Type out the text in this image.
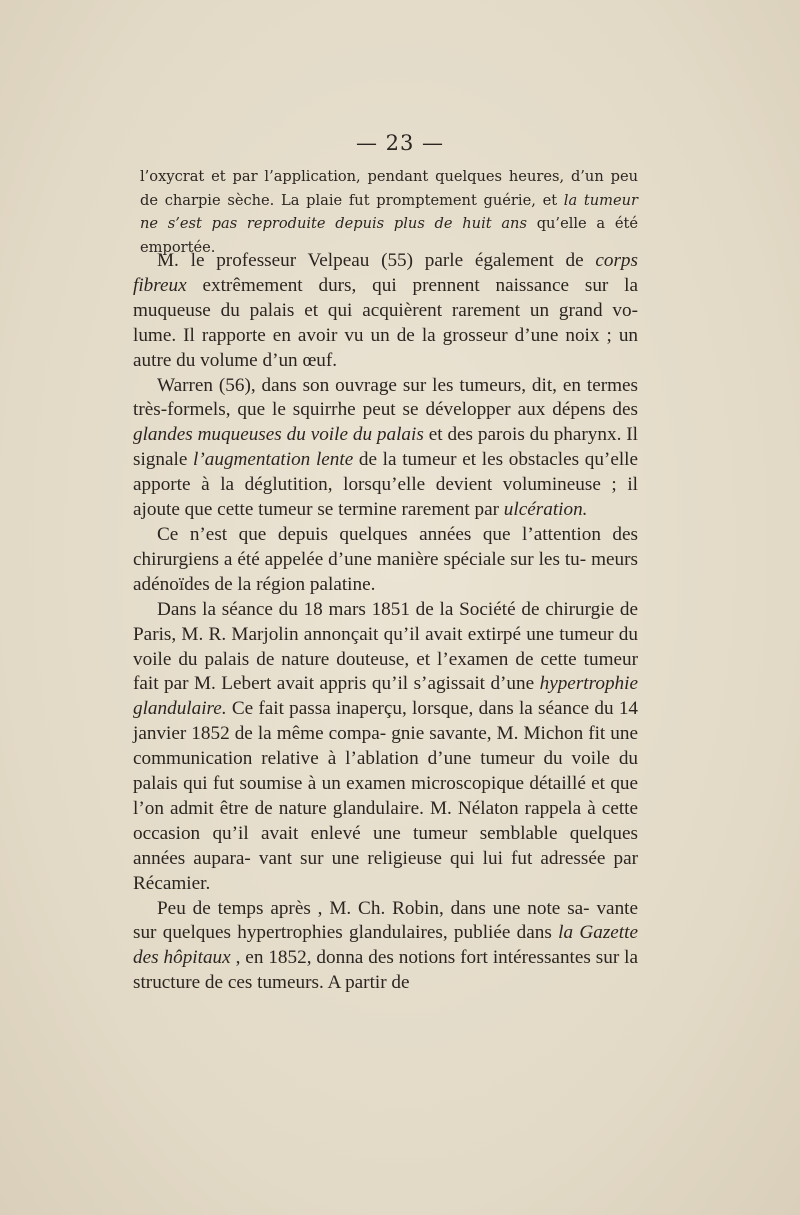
— 23 —

l’oxycrat et par l’application, pendant quelques heures, d’un peu de charpie sèche. La plaie fut promptement guérie, et la tumeur ne s’est pas reproduite depuis plus de huit ans qu’elle a été emportée.

M. le professeur Velpeau (55) parle également de corps fibreux extrêmement durs, qui prennent naissance sur la muqueuse du palais et qui acquièrent rarement un grand vo- lume. Il rapporte en avoir vu un de la grosseur d’une noix ; un autre du volume d’un œuf.

Warren (56), dans son ouvrage sur les tumeurs, dit, en termes très-formels, que le squirrhe peut se développer aux dépens des glandes muqueuses du voile du palais et des parois du pharynx. Il signale l’augmentation lente de la tumeur et les obstacles qu’elle apporte à la déglutition, lorsqu’elle devient volumineuse ; il ajoute que cette tumeur se termine rarement par ulcération.

Ce n’est que depuis quelques années que l’attention des chirurgiens a été appelée d’une manière spéciale sur les tu- meurs adénoïdes de la région palatine.

Dans la séance du 18 mars 1851 de la Société de chirurgie de Paris, M. R. Marjolin annonçait qu’il avait extirpé une tumeur du voile du palais de nature douteuse, et l’examen de cette tumeur fait par M. Lebert avait appris qu’il s’agissait d’une hypertrophie glandulaire. Ce fait passa inaperçu, lorsque, dans la séance du 14 janvier 1852 de la même compa- gnie savante, M. Michon fit une communication relative à l’ablation d’une tumeur du voile du palais qui fut soumise à un examen microscopique détaillé et que l’on admit être de nature glandulaire. M. Nélaton rappela à cette occasion qu’il avait enlevé une tumeur semblable quelques années aupara- vant sur une religieuse qui lui fut adressée par Récamier.

Peu de temps après , M. Ch. Robin, dans une note sa- vante sur quelques hypertrophies glandulaires, publiée dans la Gazette des hôpitaux , en 1852, donna des notions fort intéressantes sur la structure de ces tumeurs. A partir de
